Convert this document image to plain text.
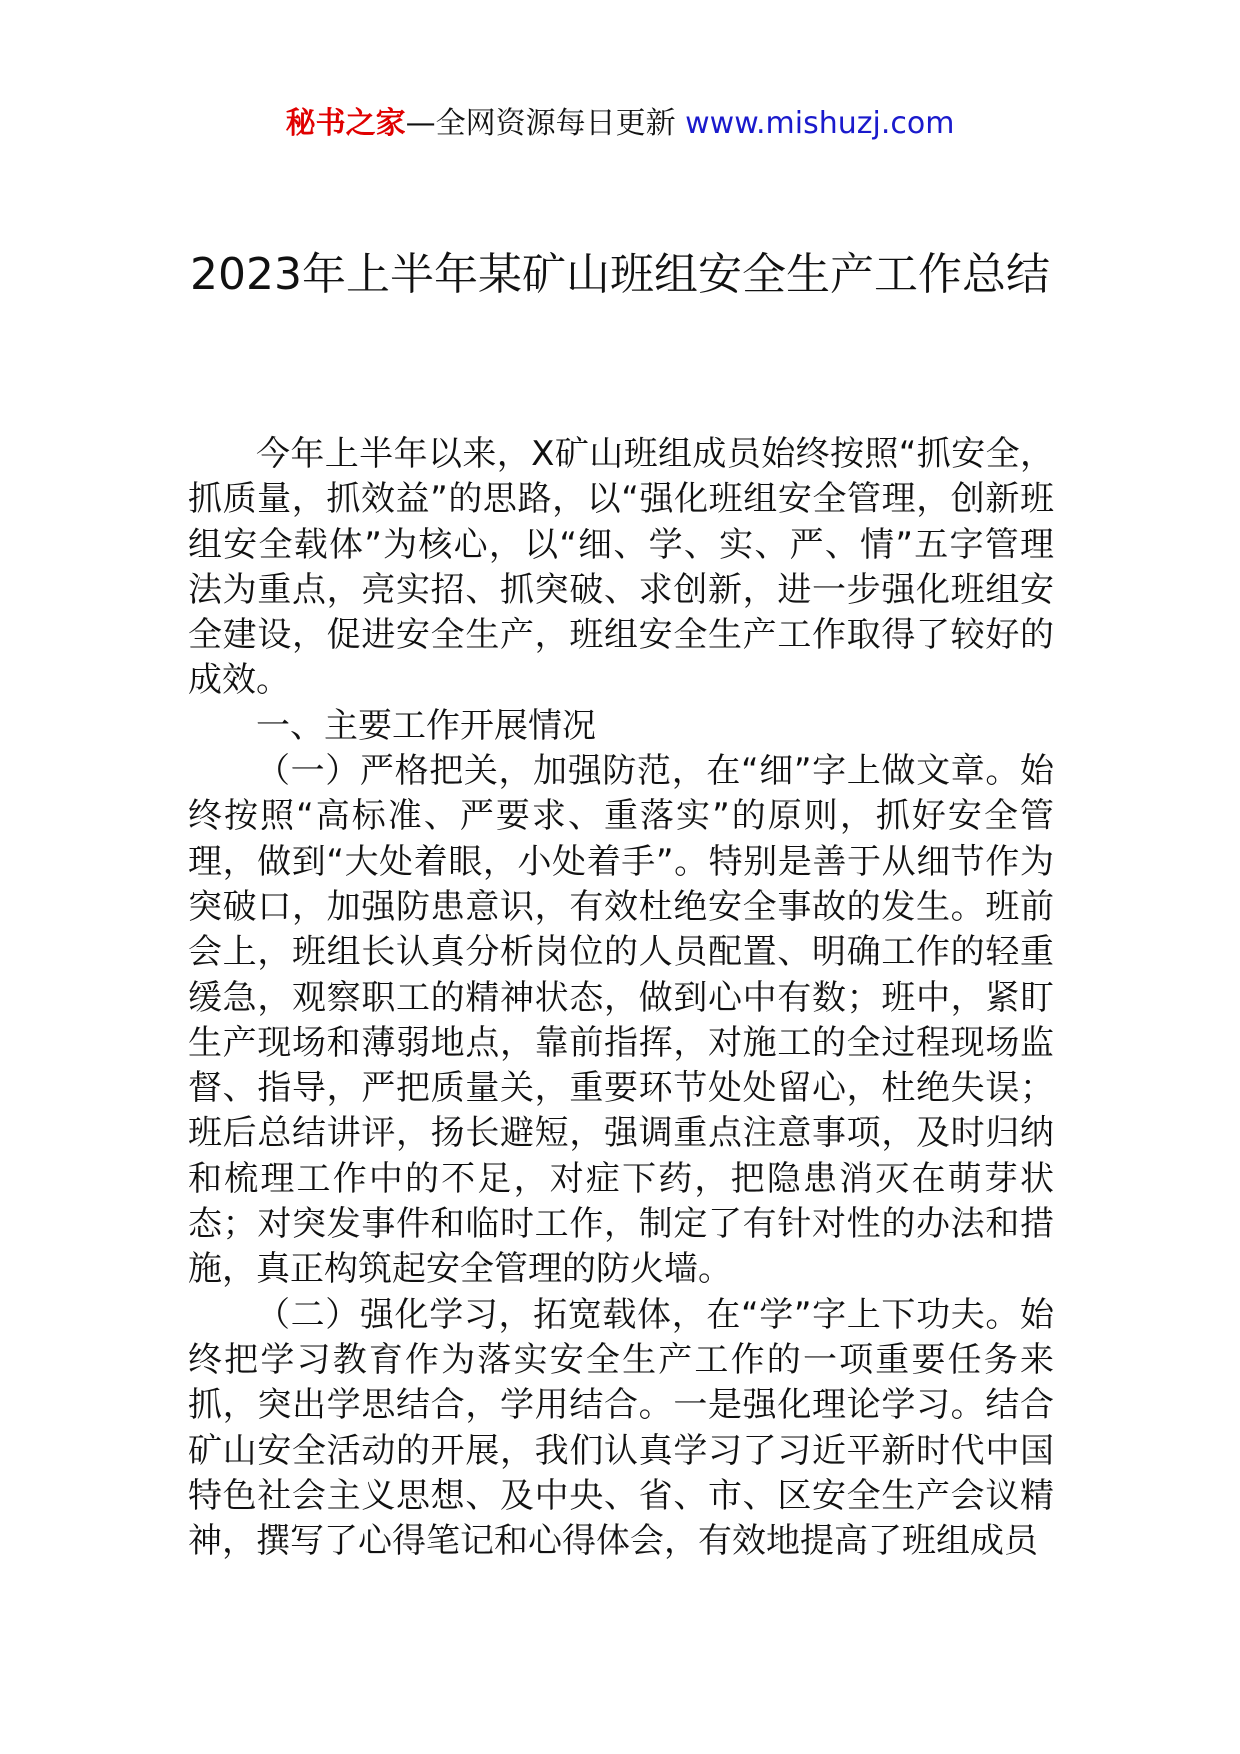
秘书之家—全网资源每日更新 www.mishuzj.com
2023年上半年某矿山班组安全生产工作总结

今年上半年以来，X矿山班组成员始终按照“抓安全，抓质量，抓效益”的思路，以“强化班组安全管理，创新班组安全载体”为核心，以“细、学、实、严、情”五字管理法为重点，亮实招、抓突破、求创新，进一步强化班组安全建设，促进安全生产，班组安全生产工作取得了较好的成效。

一、主要工作开展情况

（一）严格把关，加强防范，在“细”字上做文章。始终按照“高标准、严要求、重落实”的原则，抓好安全管理，做到“大处着眼，小处着手”。特别是善于从细节作为突破口，加强防患意识，有效杜绝安全事故的发生。班前会上，班组长认真分析岗位的人员配置、明确工作的轻重缓急，观察职工的精神状态，做到心中有数；班中，紧盯生产现场和薄弱地点，靠前指挥，对施工的全过程现场监督、指导，严把质量关，重要环节处处留心，杜绝失误；班后总结讲评，扬长避短，强调重点注意事项，及时归纳和梳理工作中的不足，对症下药，把隐患消灭在萌芽状态；对突发事件和临时工作，制定了有针对性的办法和措施，真正构筑起安全管理的防火墙。

（二）强化学习，拓宽载体，在“学”字上下功夫。始终把学习教育作为落实安全生产工作的一项重要任务来抓，突出学思结合，学用结合。一是强化理论学习。结合矿山安全活动的开展，我们认真学习了习近平新时代中国特色社会主义思想、及中央、省、市、区安全生产会议精神，撰写了心得笔记和心得体会，有效地提高了班组成员
